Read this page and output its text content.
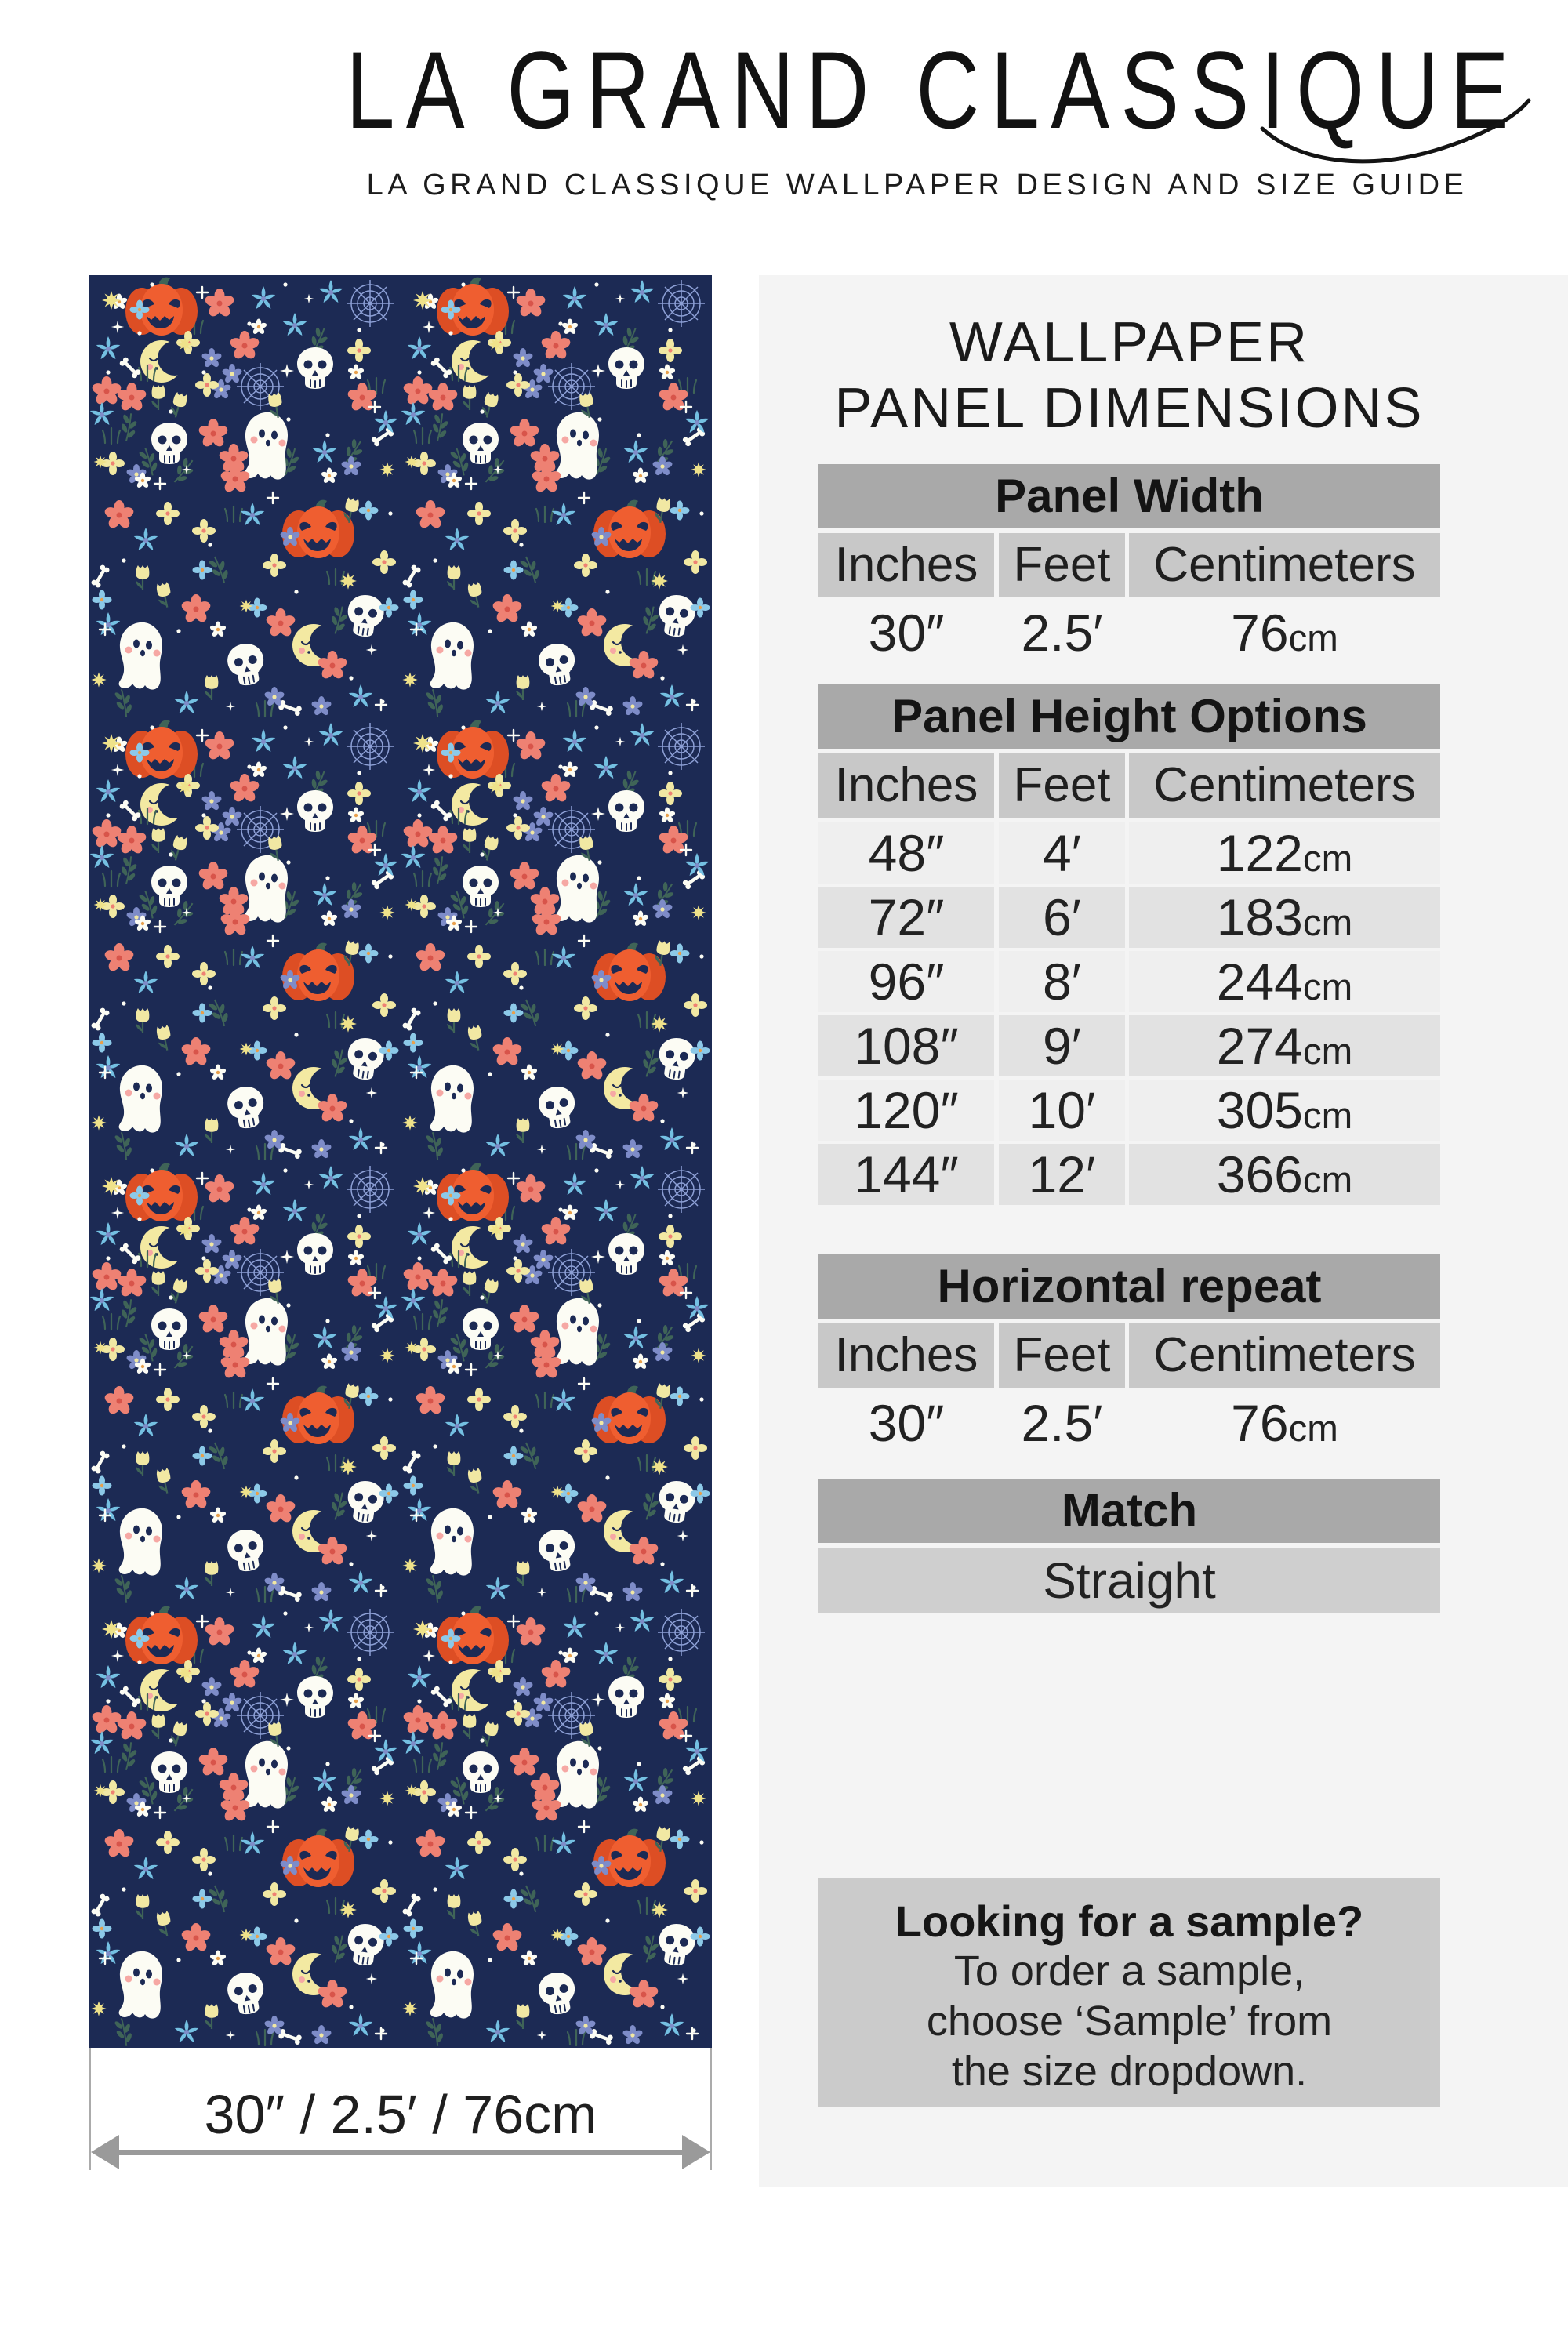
LA GRAND CLASSIQUE
LA GRAND CLASSIQUE WALLPAPER DESIGN AND SIZE GUIDE
30″ / 2.5′ / 76cm
WALLPAPER
PANEL DIMENSIONS
Panel Width
Inches Feet Centimeters
30″	2.5′	76cm
Panel Height Options
Inches Feet Centimeters
48″	4′	122cm
72″	6′	183cm
96″	8′	244cm
108″	9′	274cm
120″	10′	305cm
144″	12′	366cm
Horizontal repeat
Inches Feet Centimeters
30″	2.5′	76cm
Match
Straight
Looking for a sample?
To order a sample,
choose ‘Sample’ from
the size dropdown.
